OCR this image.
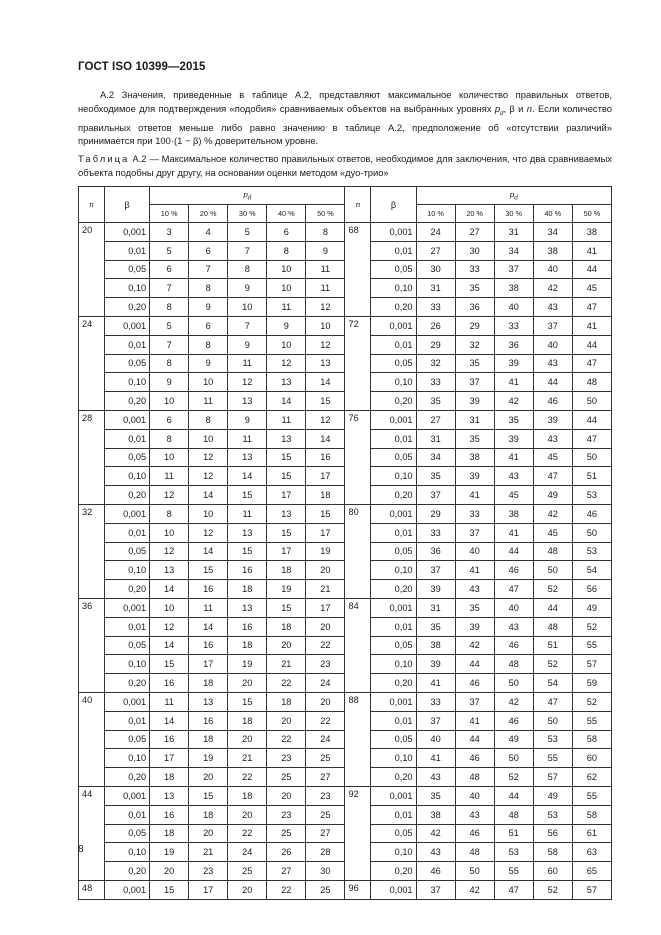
ГОСТ ISO 10399—2015

А.2 Значения, приведенные в таблице А.2, представляют максимальное количество правильных ответов, необходимое для подтверждения «подобия» сравниваемых объектов на выбранных уровнях $p_d$, β и n. Если количество правильных ответов меньше либо равно значению в таблице А.2, предположение об «отсутствии различий» принимается при 100·(1 − β) % доверительном уровне.

Таблица А.2 — Максимальное количество правильных ответов, необходимое для заключения, что два сравниваемых объекта подобны друг другу, на основании оценки методом «дуо-трио»

n	β	$p_d$					n	β	$p_d$
		10 %	20 %	30 %	40 %	50 %			10 %	20 %	30 %	40 %	50 %
20	0,001	3	4	5	6	8	68	0,001	24	27	31	34	38
	0,01	5	6	7	8	9		0,01	27	30	34	38	41
	0,05	6	7	8	10	11		0,05	30	33	37	40	44
	0,10	7	8	9	10	11		0,10	31	35	38	42	45
	0,20	8	9	10	11	12		0,20	33	36	40	43	47
24	0,001	5	6	7	9	10	72	0,001	26	29	33	37	41
	0,01	7	8	9	10	12		0,01	29	32	36	40	44
	0,05	8	9	11	12	13		0,05	32	35	39	43	47
	0,10	9	10	12	13	14		0,10	33	37	41	44	48
	0,20	10	11	13	14	15		0,20	35	39	42	46	50
28	0,001	6	8	9	11	12	76	0,001	27	31	35	39	44
	0,01	8	10	11	13	14		0,01	31	35	39	43	47
	0,05	10	12	13	15	16		0,05	34	38	41	45	50
	0,10	11	12	14	15	17		0,10	35	39	43	47	51
	0,20	12	14	15	17	18		0,20	37	41	45	49	53
32	0,001	8	10	11	13	15	80	0,001	29	33	38	42	46
	0,01	10	12	13	15	17		0,01	33	37	41	45	50
	0,05	12	14	15	17	19		0,05	36	40	44	48	53
	0,10	13	15	16	18	20		0,10	37	41	46	50	54
	0,20	14	16	18	19	21		0,20	39	43	47	52	56
36	0,001	10	11	13	15	17	84	0,001	31	35	40	44	49
	0,01	12	14	16	18	20		0,01	35	39	43	48	52
	0,05	14	16	18	20	22		0,05	38	42	46	51	55
	0,10	15	17	19	21	23		0,10	39	44	48	52	57
	0,20	16	18	20	22	24		0,20	41	46	50	54	59
40	0,001	11	13	15	18	20	88	0,001	33	37	42	47	52
	0,01	14	16	18	20	22		0,01	37	41	46	50	55
	0,05	16	18	20	22	24		0,05	40	44	49	53	58
	0,10	17	19	21	23	25		0,10	41	46	50	55	60
	0,20	18	20	22	25	27		0,20	43	48	52	57	62
44	0,001	13	15	18	20	23	92	0,001	35	40	44	49	55
	0,01	16	18	20	23	25		0,01	38	43	48	53	58
	0,05	18	20	22	25	27		0,05	42	46	51	56	61
	0,10	19	21	24	26	28		0,10	43	48	53	58	63
	0,20	20	23	25	27	30		0,20	46	50	55	60	65
48	0,001	15	17	20	22	25	96	0,001	37	42	47	52	57
8
